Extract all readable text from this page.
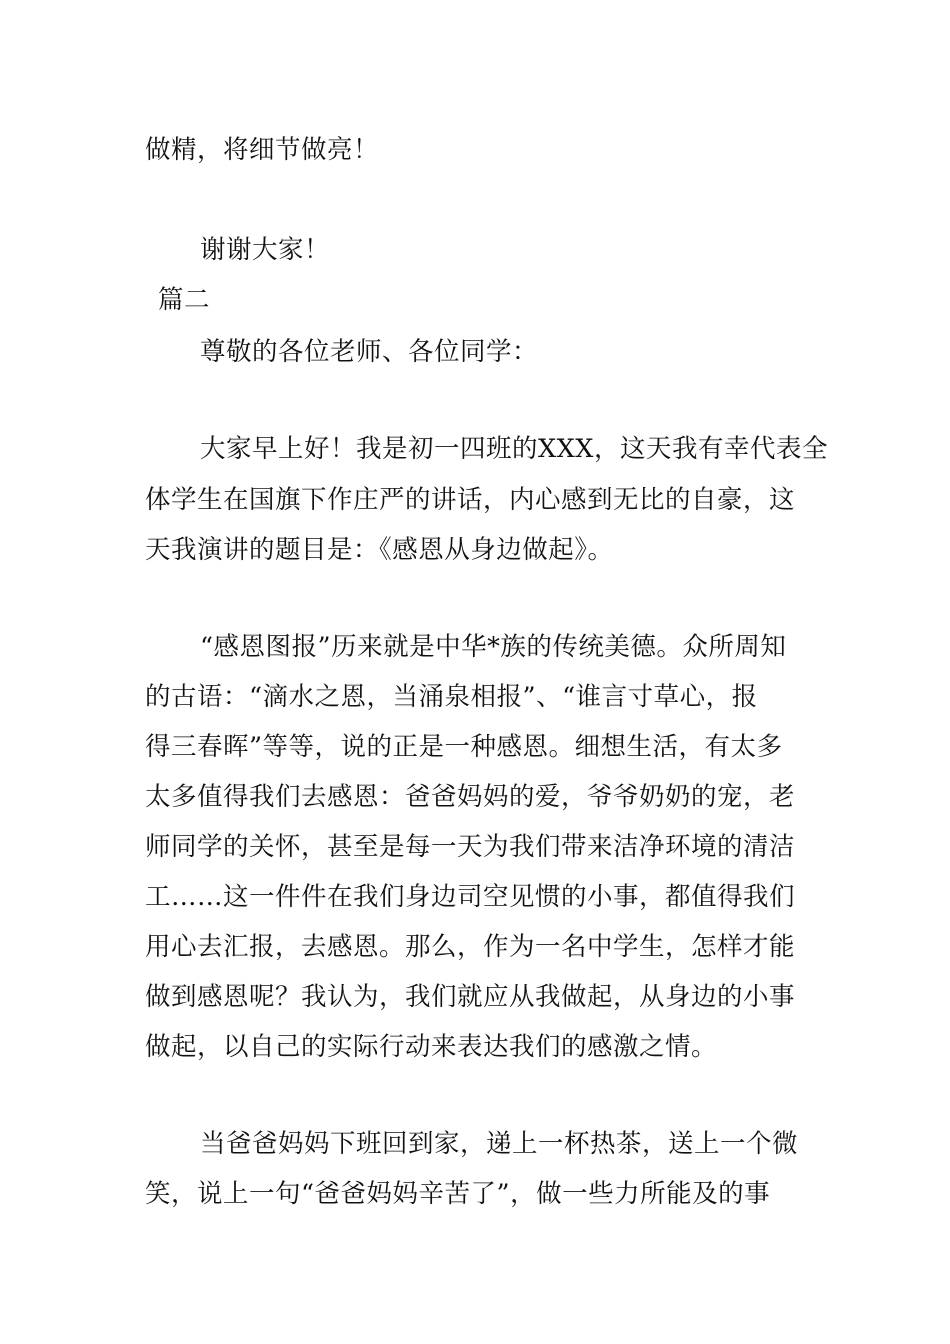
做精，将细节做亮！
谢谢大家！
篇二
尊敬的各位老师、各位同学：
大家早上好！我是初一四班的XXX，这天我有幸代表全
体学生在国旗下作庄严的讲话，内心感到无比的自豪，这
天我演讲的题目是：《感恩从身边做起》。
“感恩图报”历来就是中华*族的传统美德。众所周知
的古语：“滴水之恩，当涌泉相报”、“谁言寸草心，报
得三春晖”等等，说的正是一种感恩。细想生活，有太多
太多值得我们去感恩：爸爸妈妈的爱，爷爷奶奶的宠，老
师同学的关怀，甚至是每一天为我们带来洁净环境的清洁
工……这一件件在我们身边司空见惯的小事，都值得我们
用心去汇报，去感恩。那么，作为一名中学生，怎样才能
做到感恩呢？我认为，我们就应从我做起，从身边的小事
做起，以自己的实际行动来表达我们的感激之情。
当爸爸妈妈下班回到家，递上一杯热茶，送上一个微
笑，说上一句“爸爸妈妈辛苦了”，做一些力所能及的事
